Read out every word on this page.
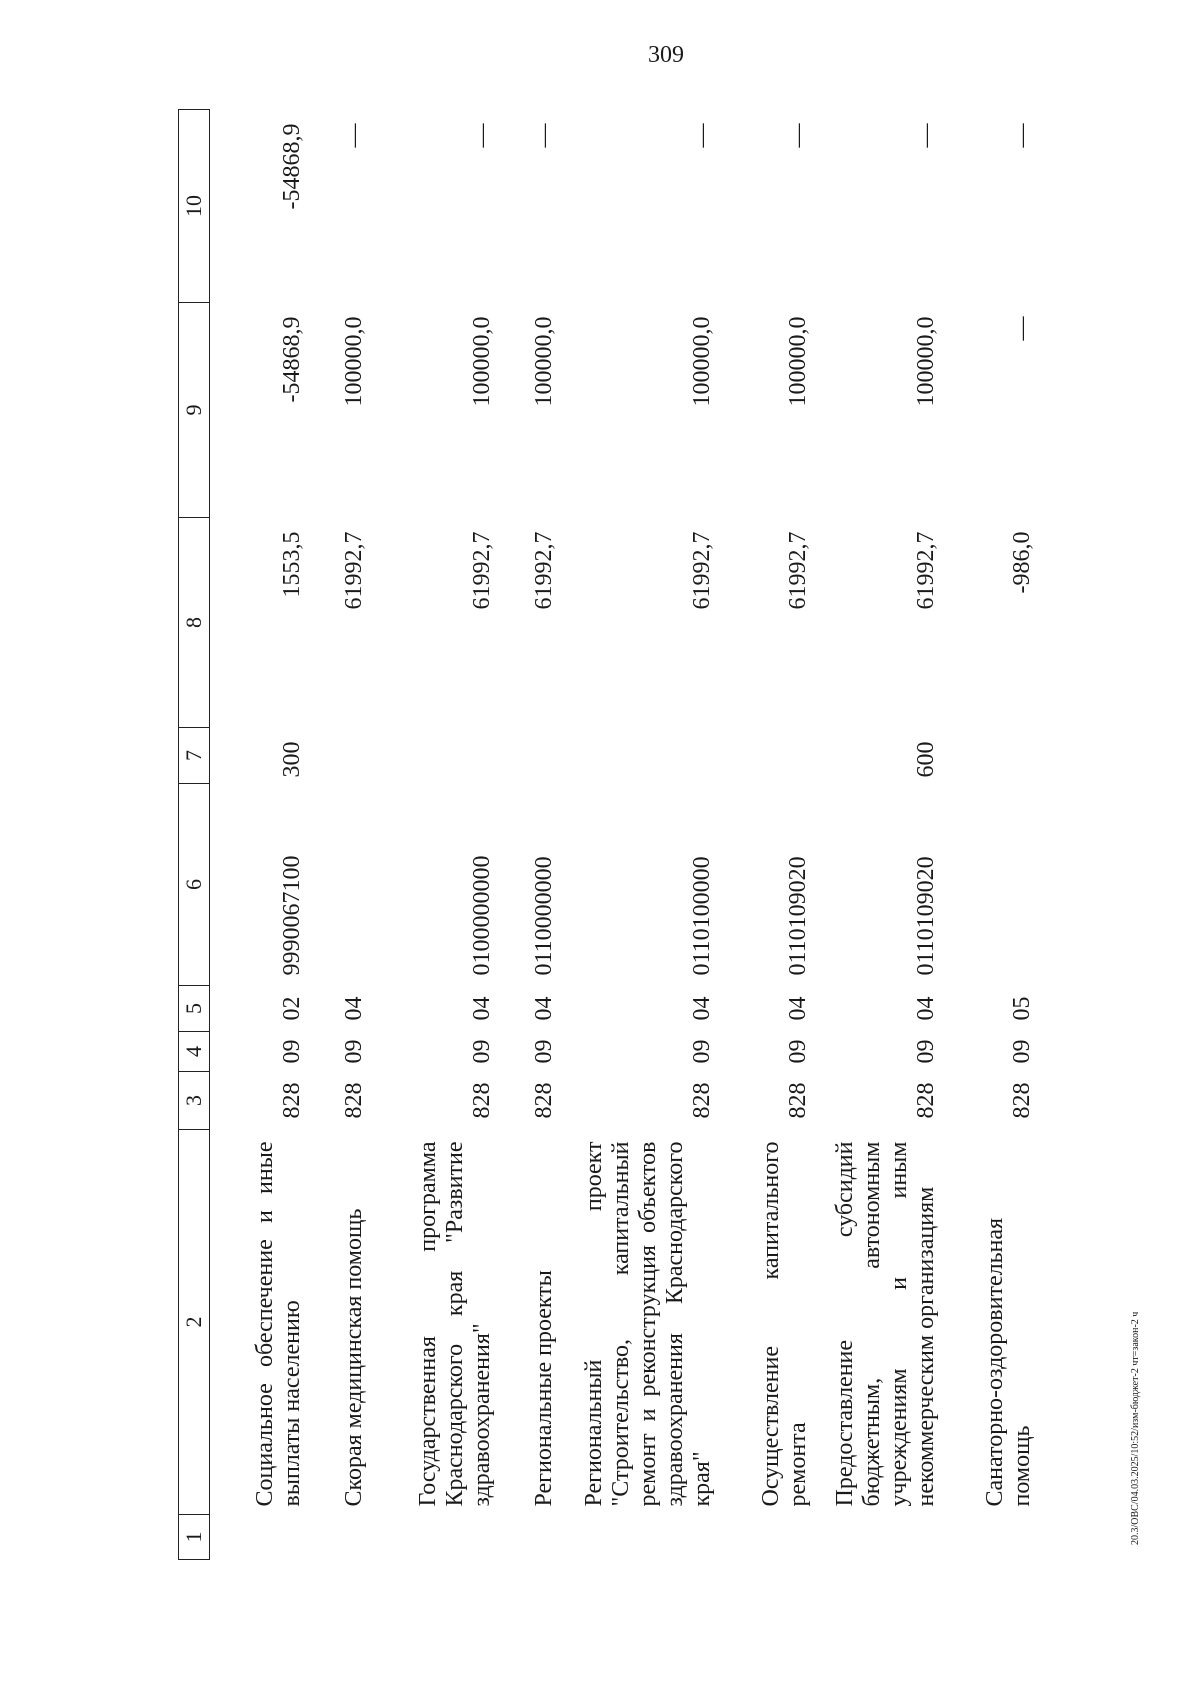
309
20.3/ОВС/04.03.2025/10:52/изм-бюджет-2 чт=закон-2 ч
1	2	3	4	5	6	7	8	9	10
	Социальное обеспечение и иные выплаты населению	828	09	02	9990067100	300	1553,5	-54868,9	-54868,9
	Скорая медицинская помощь	828	09	04			61992,7	100000,0	—
	Государственная программа Краснодарского края "Развитие здравоохранения"	828	09	04	0100000000		61992,7	100000,0	—
	Региональные проекты	828	09	04	0110000000		61992,7	100000,0	—
	Региональный проект "Строительство, капитальный ремонт и реконструкция объектов здравоохранения Краснодарского края"	828	09	04	0110100000		61992,7	100000,0	—
	Осуществление капитального ремонта	828	09	04	0110109020		61992,7	100000,0	—
	Предоставление субсидий бюджетным, автономным учреждениям и иным некоммерческим организациям	828	09	04	0110109020	600	61992,7	100000,0	—
	Санаторно-оздоровительная помощь	828	09	05			-986,0	—	—
